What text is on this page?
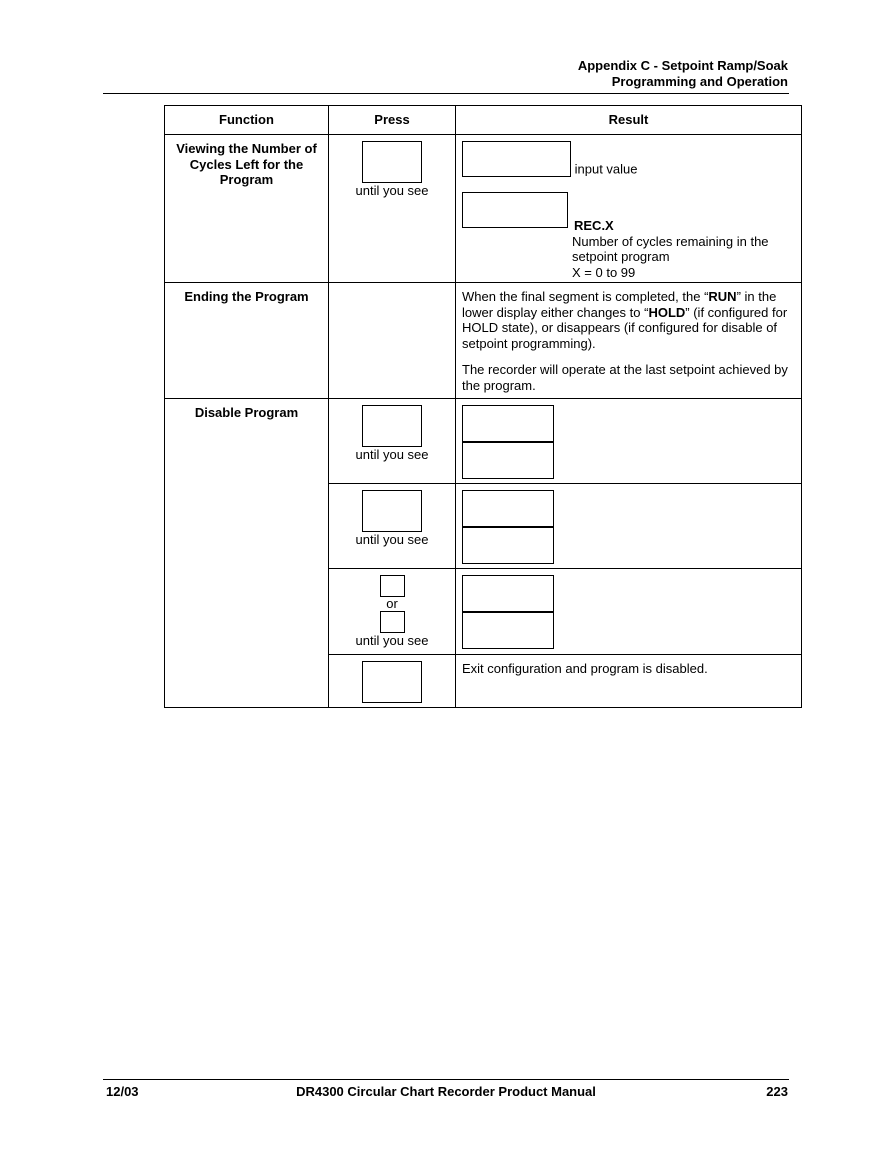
Appendix C - Setpoint Ramp/Soak
Programming and Operation
Function	Press	Result
Viewing the Number of Cycles Left for the Program	until you see	input value

REC.X

Number of cycles remaining in the

setpoint program

X = 0 to 99

Ending the Program		When the final segment is completed, the “RUN” in the lower display either changes to “HOLD” (if configured for HOLD state), or disappears (if configured for disable of setpoint programming).

The recorder will operate at the last setpoint achieved by the program.

Disable Program	until you see	

	until you see	

	or
until you see	

		Exit configuration and program is disabled.
12/03	DR4300 Circular Chart Recorder Product Manual	223
